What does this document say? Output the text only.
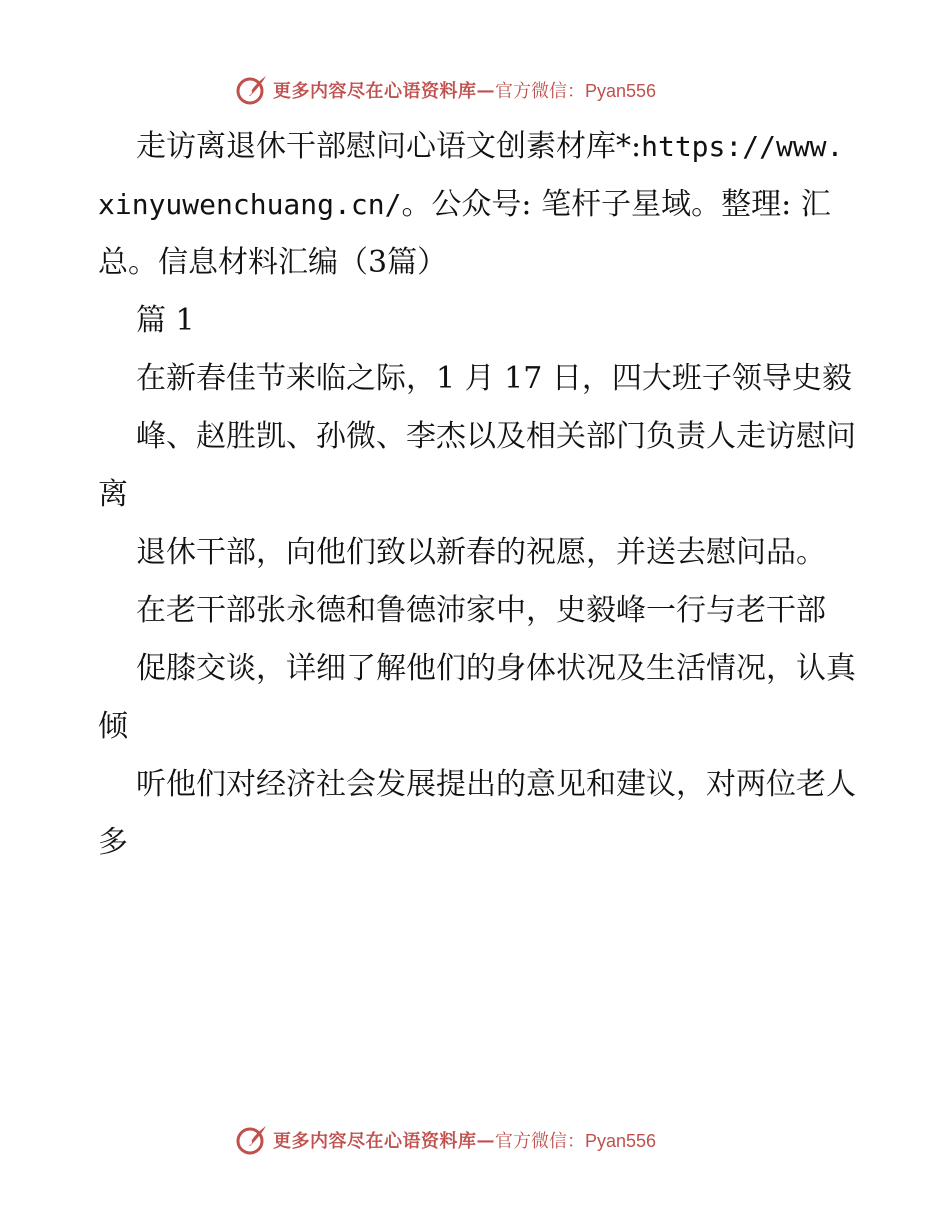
更多内容尽在心语资料库 — 官方微信：Pyan556

走访离退休干部慰问心语文创素材库*:https://www.xinyuwenchuang.cn/。公众号: 笔杆子星域。整理: 汇总。信息材料汇编（3篇）

篇 1

在新春佳节来临之际，1 月 17 日，四大班子领导史毅

峰、赵胜凯、孙微、李杰以及相关部门负责人走访慰问离

退休干部，向他们致以新春的祝愿，并送去慰问品。

在老干部张永德和鲁德沛家中，史毅峰一行与老干部

促膝交谈，详细了解他们的身体状况及生活情况，认真倾

听他们对经济社会发展提出的意见和建议，对两位老人多

更多内容尽在心语资料库 — 官方微信：Pyan556
